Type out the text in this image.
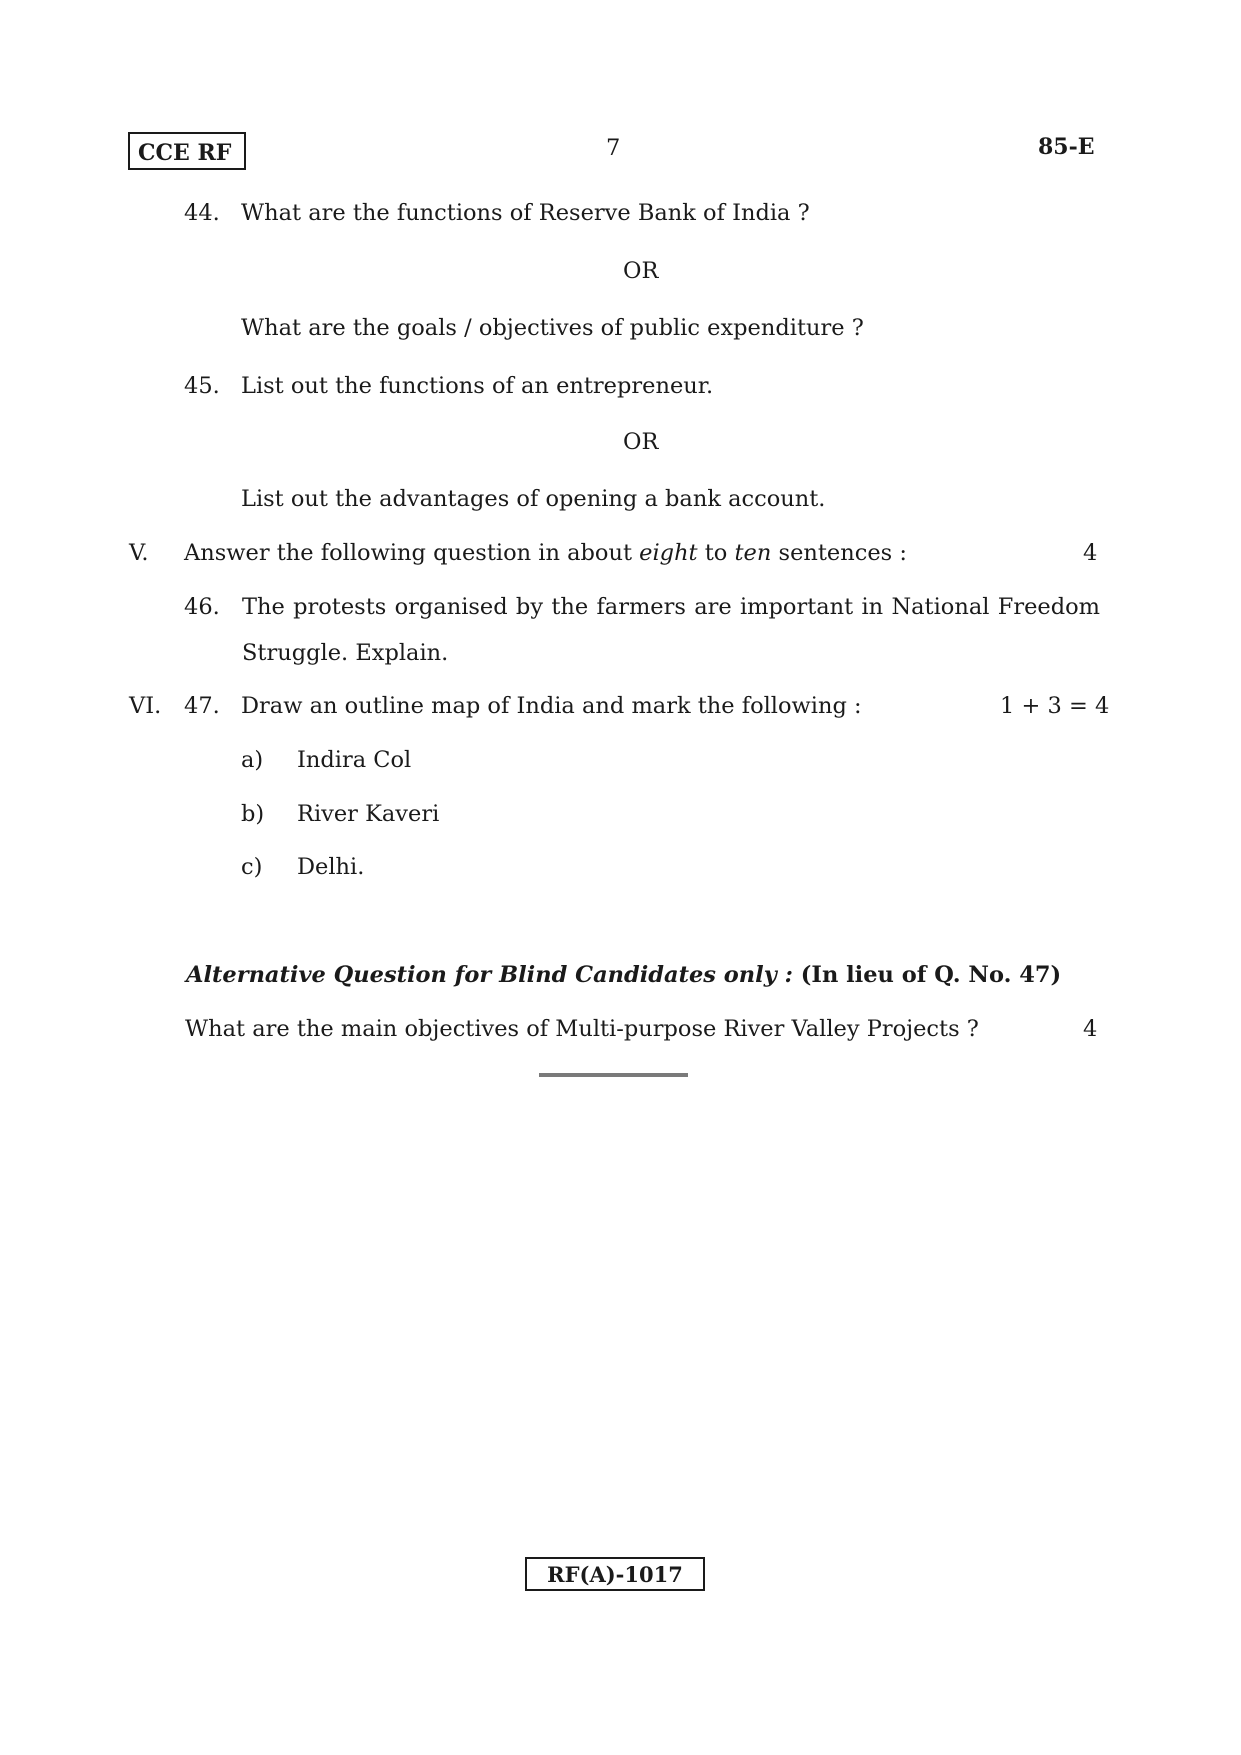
CCE RF	7	85-E
44. What are the functions of Reserve Bank of India ?
OR
What are the goals / objectives of public expenditure ?
45. List out the functions of an entrepreneur.
OR
List out the advantages of opening a bank account.
V. Answer the following question in about eight to ten sentences :	4
46. The protests organised by the farmers are important in National Freedom
Struggle. Explain.
VI. 47. Draw an outline map of India and mark the following :	1 + 3 = 4
a) Indira Col
b) River Kaveri
c) Delhi.
Alternative Question for Blind Candidates only : (In lieu of Q. No. 47)
What are the main objectives of Multi-purpose River Valley Projects ?	4
RF(A)-1017
